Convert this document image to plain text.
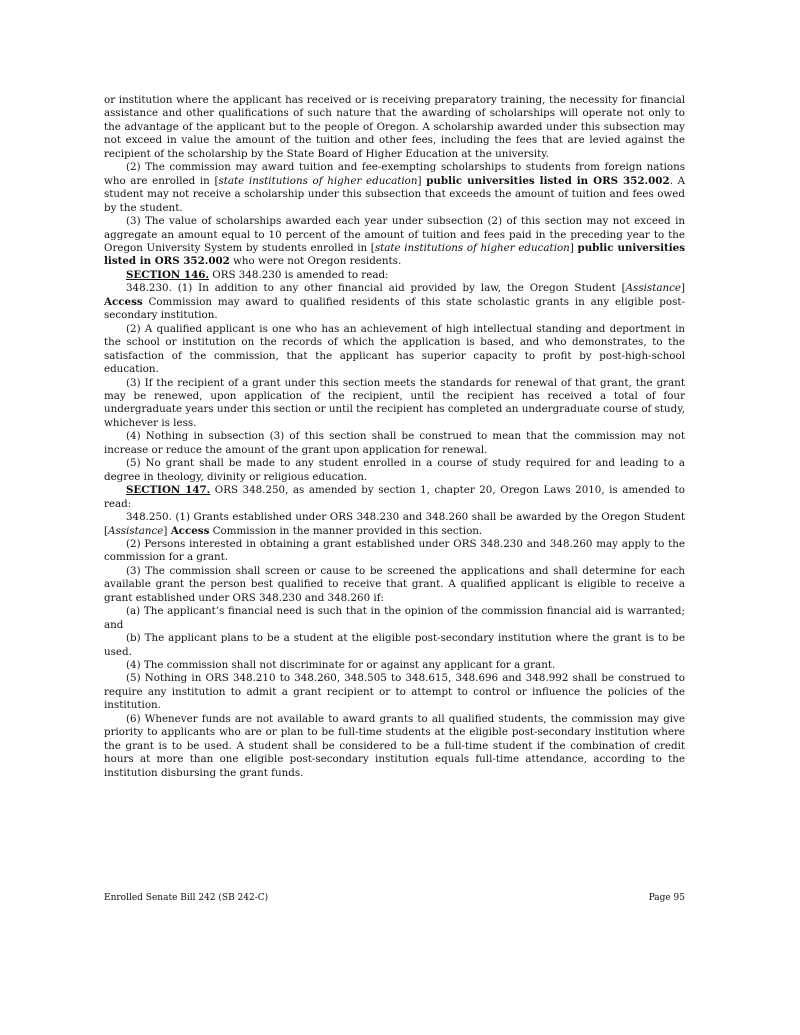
or institution where the applicant has received or is receiving preparatory training, the necessity for financial assistance and other qualifications of such nature that the awarding of scholarships will operate not only to the advantage of the applicant but to the people of Oregon. A scholarship awarded under this subsection may not exceed in value the amount of the tuition and other fees, including the fees that are levied against the recipient of the scholarship by the State Board of Higher Education at the university.

(2) The commission may award tuition and fee-exempting scholarships to students from foreign nations who are enrolled in [state institutions of higher education] public universities listed in ORS 352.002. A student may not receive a scholarship under this subsection that exceeds the amount of tuition and fees owed by the student.

(3) The value of scholarships awarded each year under subsection (2) of this section may not exceed in aggregate an amount equal to 10 percent of the amount of tuition and fees paid in the preceding year to the Oregon University System by students enrolled in [state institutions of higher education] public universities listed in ORS 352.002 who were not Oregon residents.

SECTION 146. ORS 348.230 is amended to read:

348.230. (1) In addition to any other financial aid provided by law, the Oregon Student [Assistance] Access Commission may award to qualified residents of this state scholastic grants in any eligible post-secondary institution.

(2) A qualified applicant is one who has an achievement of high intellectual standing and deportment in the school or institution on the records of which the application is based, and who demonstrates, to the satisfaction of the commission, that the applicant has superior capacity to profit by post-high-school education.

(3) If the recipient of a grant under this section meets the standards for renewal of that grant, the grant may be renewed, upon application of the recipient, until the recipient has received a total of four undergraduate years under this section or until the recipient has completed an undergraduate course of study, whichever is less.

(4) Nothing in subsection (3) of this section shall be construed to mean that the commission may not increase or reduce the amount of the grant upon application for renewal.

(5) No grant shall be made to any student enrolled in a course of study required for and leading to a degree in theology, divinity or religious education.

SECTION 147. ORS 348.250, as amended by section 1, chapter 20, Oregon Laws 2010, is amended to read:

348.250. (1) Grants established under ORS 348.230 and 348.260 shall be awarded by the Oregon Student [Assistance] Access Commission in the manner provided in this section.

(2) Persons interested in obtaining a grant established under ORS 348.230 and 348.260 may apply to the commission for a grant.

(3) The commission shall screen or cause to be screened the applications and shall determine for each available grant the person best qualified to receive that grant. A qualified applicant is eligible to receive a grant established under ORS 348.230 and 348.260 if:

(a) The applicant’s financial need is such that in the opinion of the commission financial aid is warranted; and

(b) The applicant plans to be a student at the eligible post-secondary institution where the grant is to be used.

(4) The commission shall not discriminate for or against any applicant for a grant.

(5) Nothing in ORS 348.210 to 348.260, 348.505 to 348.615, 348.696 and 348.992 shall be construed to require any institution to admit a grant recipient or to attempt to control or influence the policies of the institution.

(6) Whenever funds are not available to award grants to all qualified students, the commission may give priority to applicants who are or plan to be full-time students at the eligible post-secondary institution where the grant is to be used. A student shall be considered to be a full-time student if the combination of credit hours at more than one eligible post-secondary institution equals full-time attendance, according to the institution disbursing the grant funds.

Enrolled Senate Bill 242 (SB 242-C)	Page 95
